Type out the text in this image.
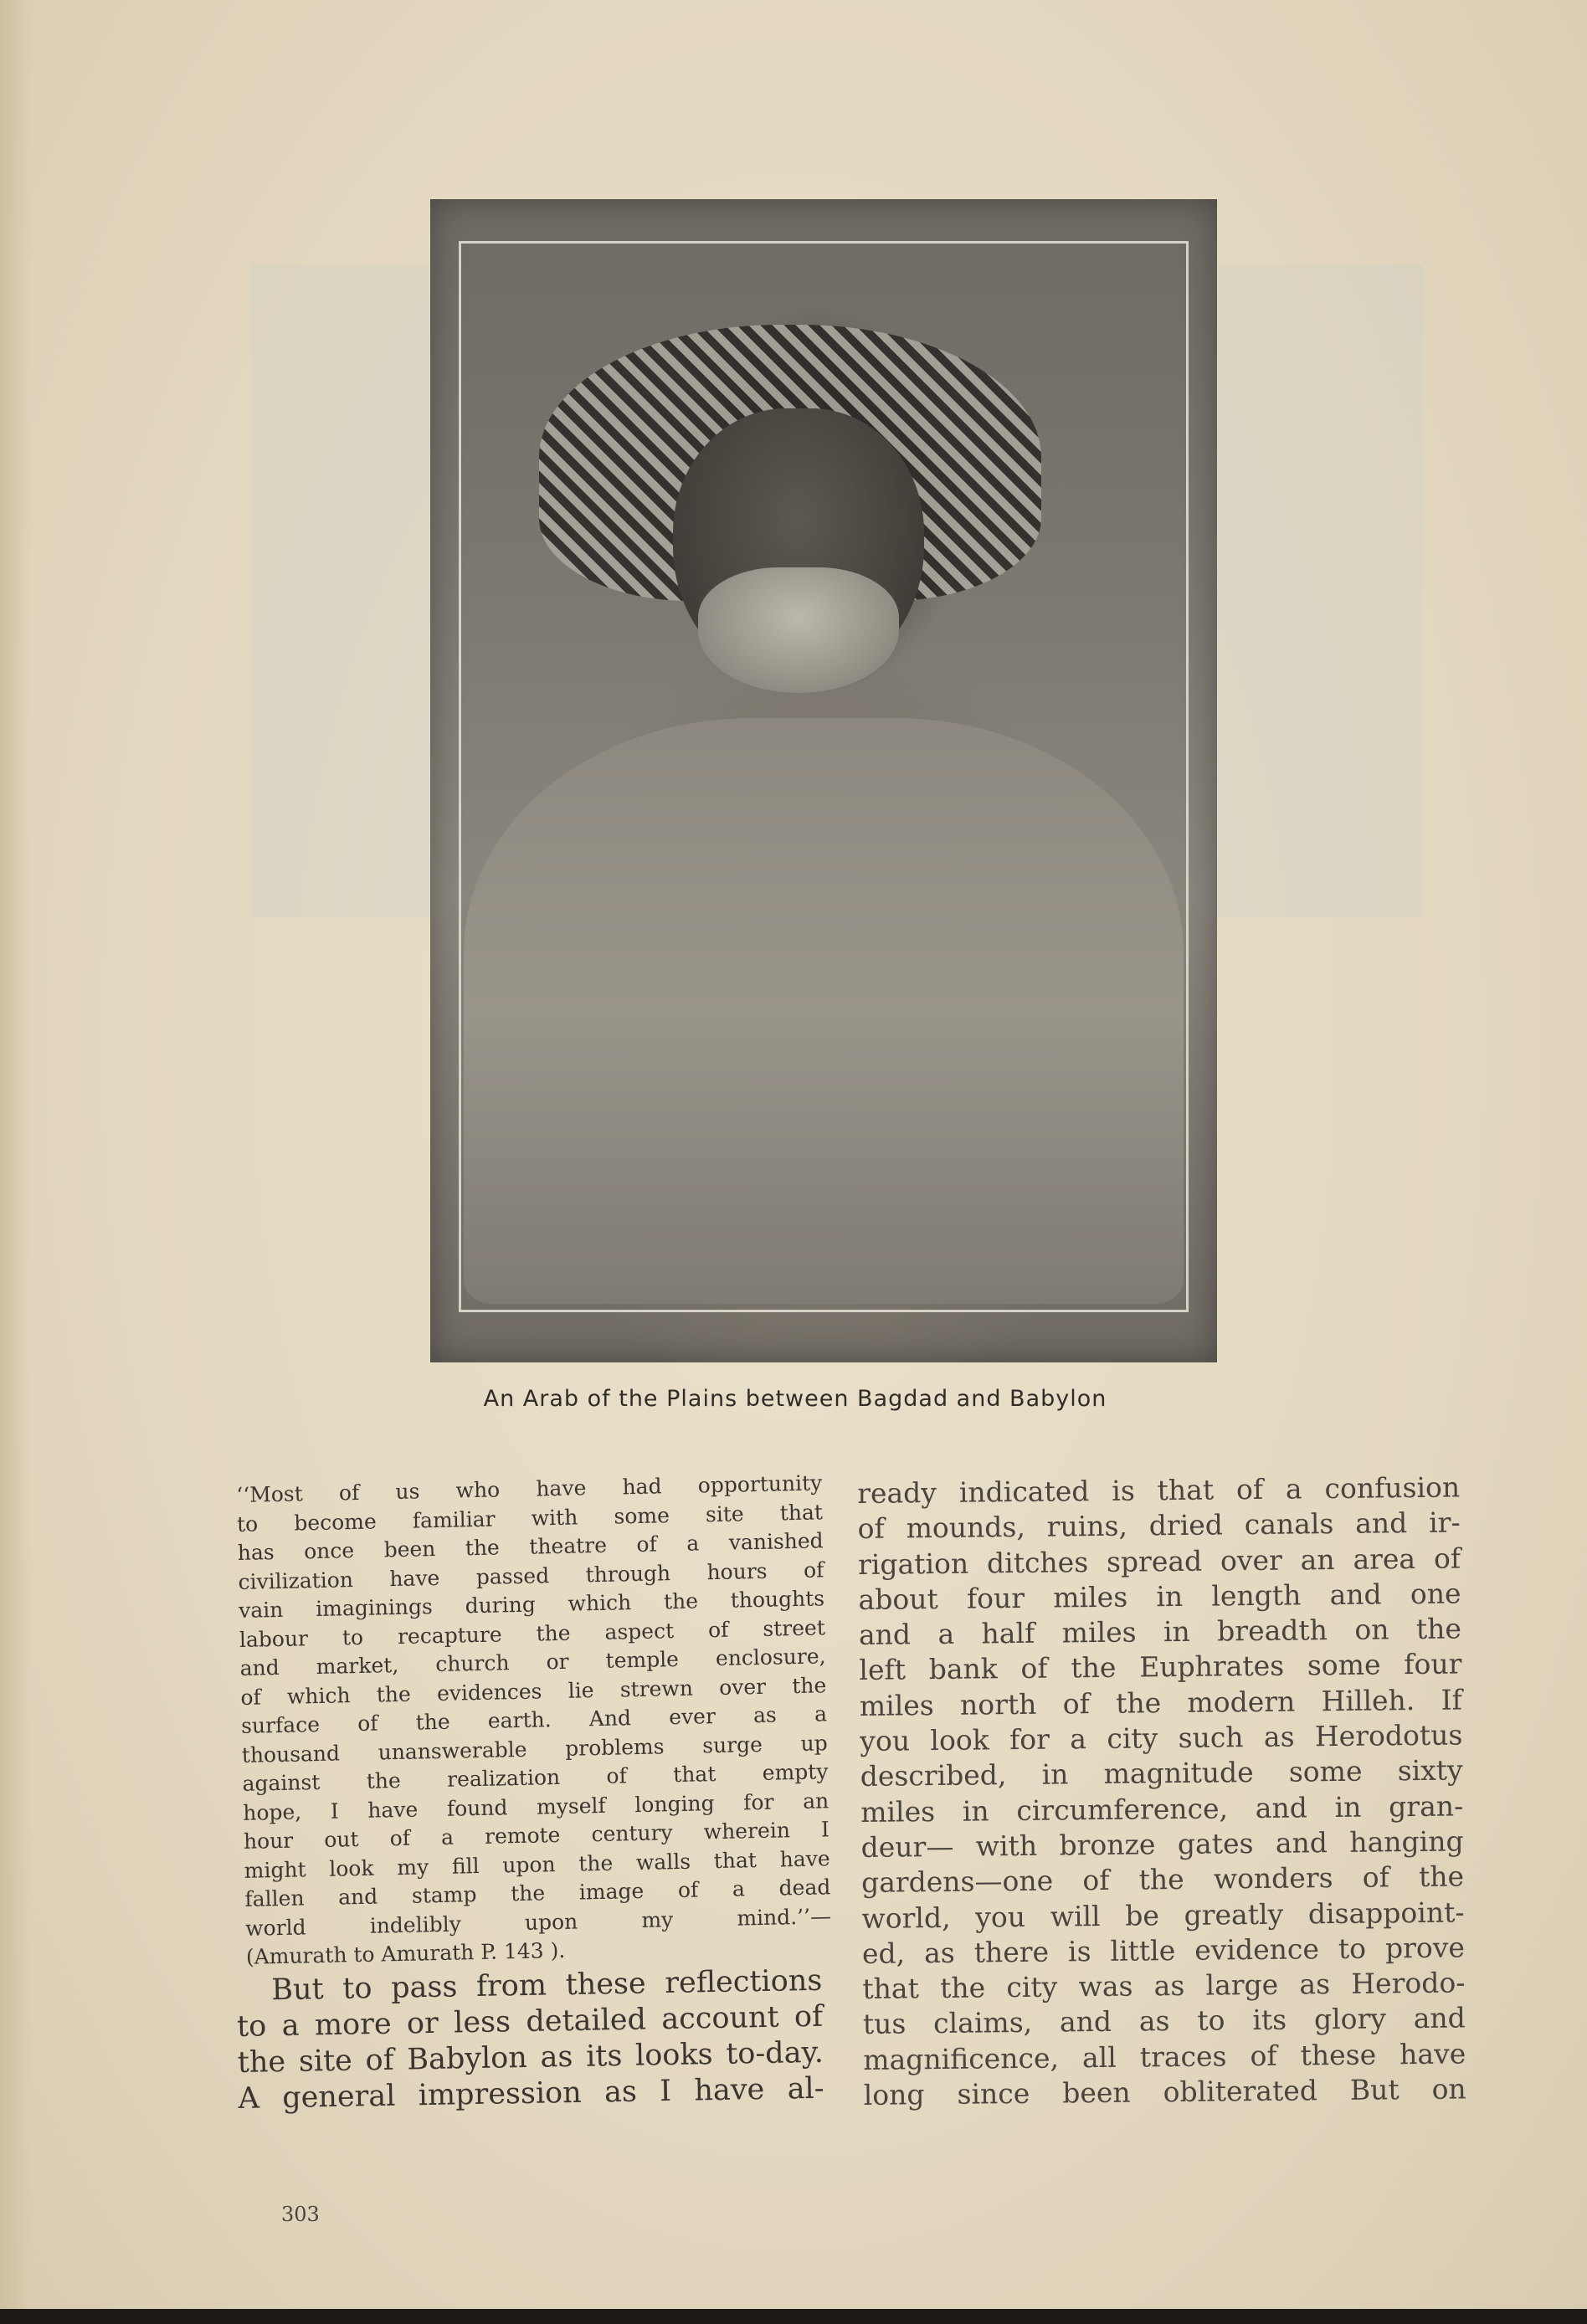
An Arab of the Plains between Bagdad and Babylon

‘‘Most of us who have had opportunity
to become familiar with some site that
has once been the theatre of a vanished
civilization have passed through hours of
vain imaginings during which the thoughts
labour to recapture the aspect of street
and market, church or temple enclosure,
of which the evidences lie strewn over the
surface of the earth. And ever as a
thousand unanswerable problems surge up
against the realization of that empty
hope, I have found myself longing for an
hour out of a remote century wherein I
might look my fill upon the walls that have
fallen and stamp the image of a dead
world indelibly upon my mind.’’—

(Amurath to Amurath P. 143 ).

But to pass from these reflections
to a more or less detailed account of
the site of Babylon as its looks to-day.
A general impression as I have al-

ready indicated is that of a confusion
of mounds, ruins, dried canals and ir-
rigation ditches spread over an area of
about four miles in length and one
and a half miles in breadth on the
left bank of the Euphrates some four
miles north of the modern Hilleh. If
you look for a city such as Herodotus
described, in magnitude some sixty
miles in circumference, and in gran-
deur— with bronze gates and hanging
gardens—one of the wonders of the
world, you will be greatly disappoint-
ed, as there is little evidence to prove
that the city was as large as Herodo-
tus claims, and as to its glory and
magnificence, all traces of these have
long since been obliterated But on

303
